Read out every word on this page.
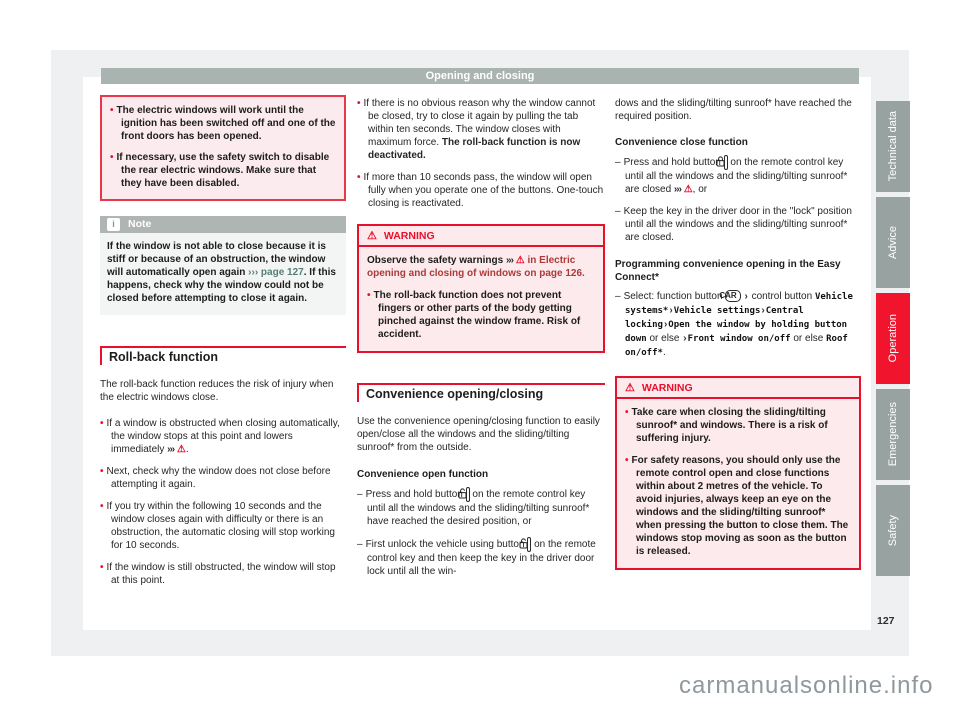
Opening and closing

• The electric windows will work until the ignition has been switched off and one of the front doors has been opened.

• If necessary, use the safety switch to disable the rear electric windows. Make sure that they have been disabled.

i	Note

If the window is not able to close because it is stiff or because of an obstruction, the window will automatically open again ››› page 127. If this happens, check why the window could not be closed before attempting to close it again.

Roll-back function

The roll-back function reduces the risk of injury when the electric windows close.

• If a window is obstructed when closing automatically, the window stops at this point and lowers immediately ››› ⚠.

• Next, check why the window does not close before attempting it again.

• If you try within the following 10 seconds and the window closes again with difficulty or there is an obstruction, the automatic closing will stop working for 10 seconds.

• If the window is still obstructed, the window will stop at this point.

• If there is no obvious reason why the window cannot be closed, try to close it again by pulling the tab within ten seconds. The window closes with maximum force. The roll-back function is now deactivated.

• If more than 10 seconds pass, the window will open fully when you operate one of the buttons. One-touch closing is reactivated.

⚠ WARNING

Observe the safety warnings ››› ⚠ in Electric opening and closing of windows on page 126.

• The roll-back function does not prevent fingers or other parts of the body getting pinched against the window frame. Risk of accident.

Convenience opening/closing

Use the convenience opening/closing function to easily open/close all the windows and the sliding/tilting sunroof* from the outside.

Convenience open function

– Press and hold button on the remote control key until all the windows and the sliding/tilting sunroof* have reached the desired position, or

– First unlock the vehicle using button on the remote control key and then keep the key in the driver door lock until all the win-

dows and the sliding/tilting sunroof* have reached the required position.

Convenience close function

– Press and hold button on the remote control key until all the windows and the sliding/tilting sunroof* are closed ››› ⚠, or

– Keep the key in the driver door in the "lock" position until all the windows and the sliding/tilting sunroof* are closed.

Programming convenience opening in the Easy Connect*

– Select: function button CAR › control button Vehicle systems*›Vehicle settings›Central locking›Open the window by holding button down or else ›Front window on/off or else Roof on/off*.

⚠ WARNING

• Take care when closing the sliding/tilting sunroof* and windows. There is a risk of suffering injury.

• For safety reasons, you should only use the remote control open and close functions within about 2 metres of the vehicle. To avoid injuries, always keep an eye on the windows and the sliding/tilting sunroof* when pressing the button to close them. The windows stop moving as soon as the button is released.

Technical data
Advice
Operation
Emergencies
Safety
127
carmanualsonline.info
